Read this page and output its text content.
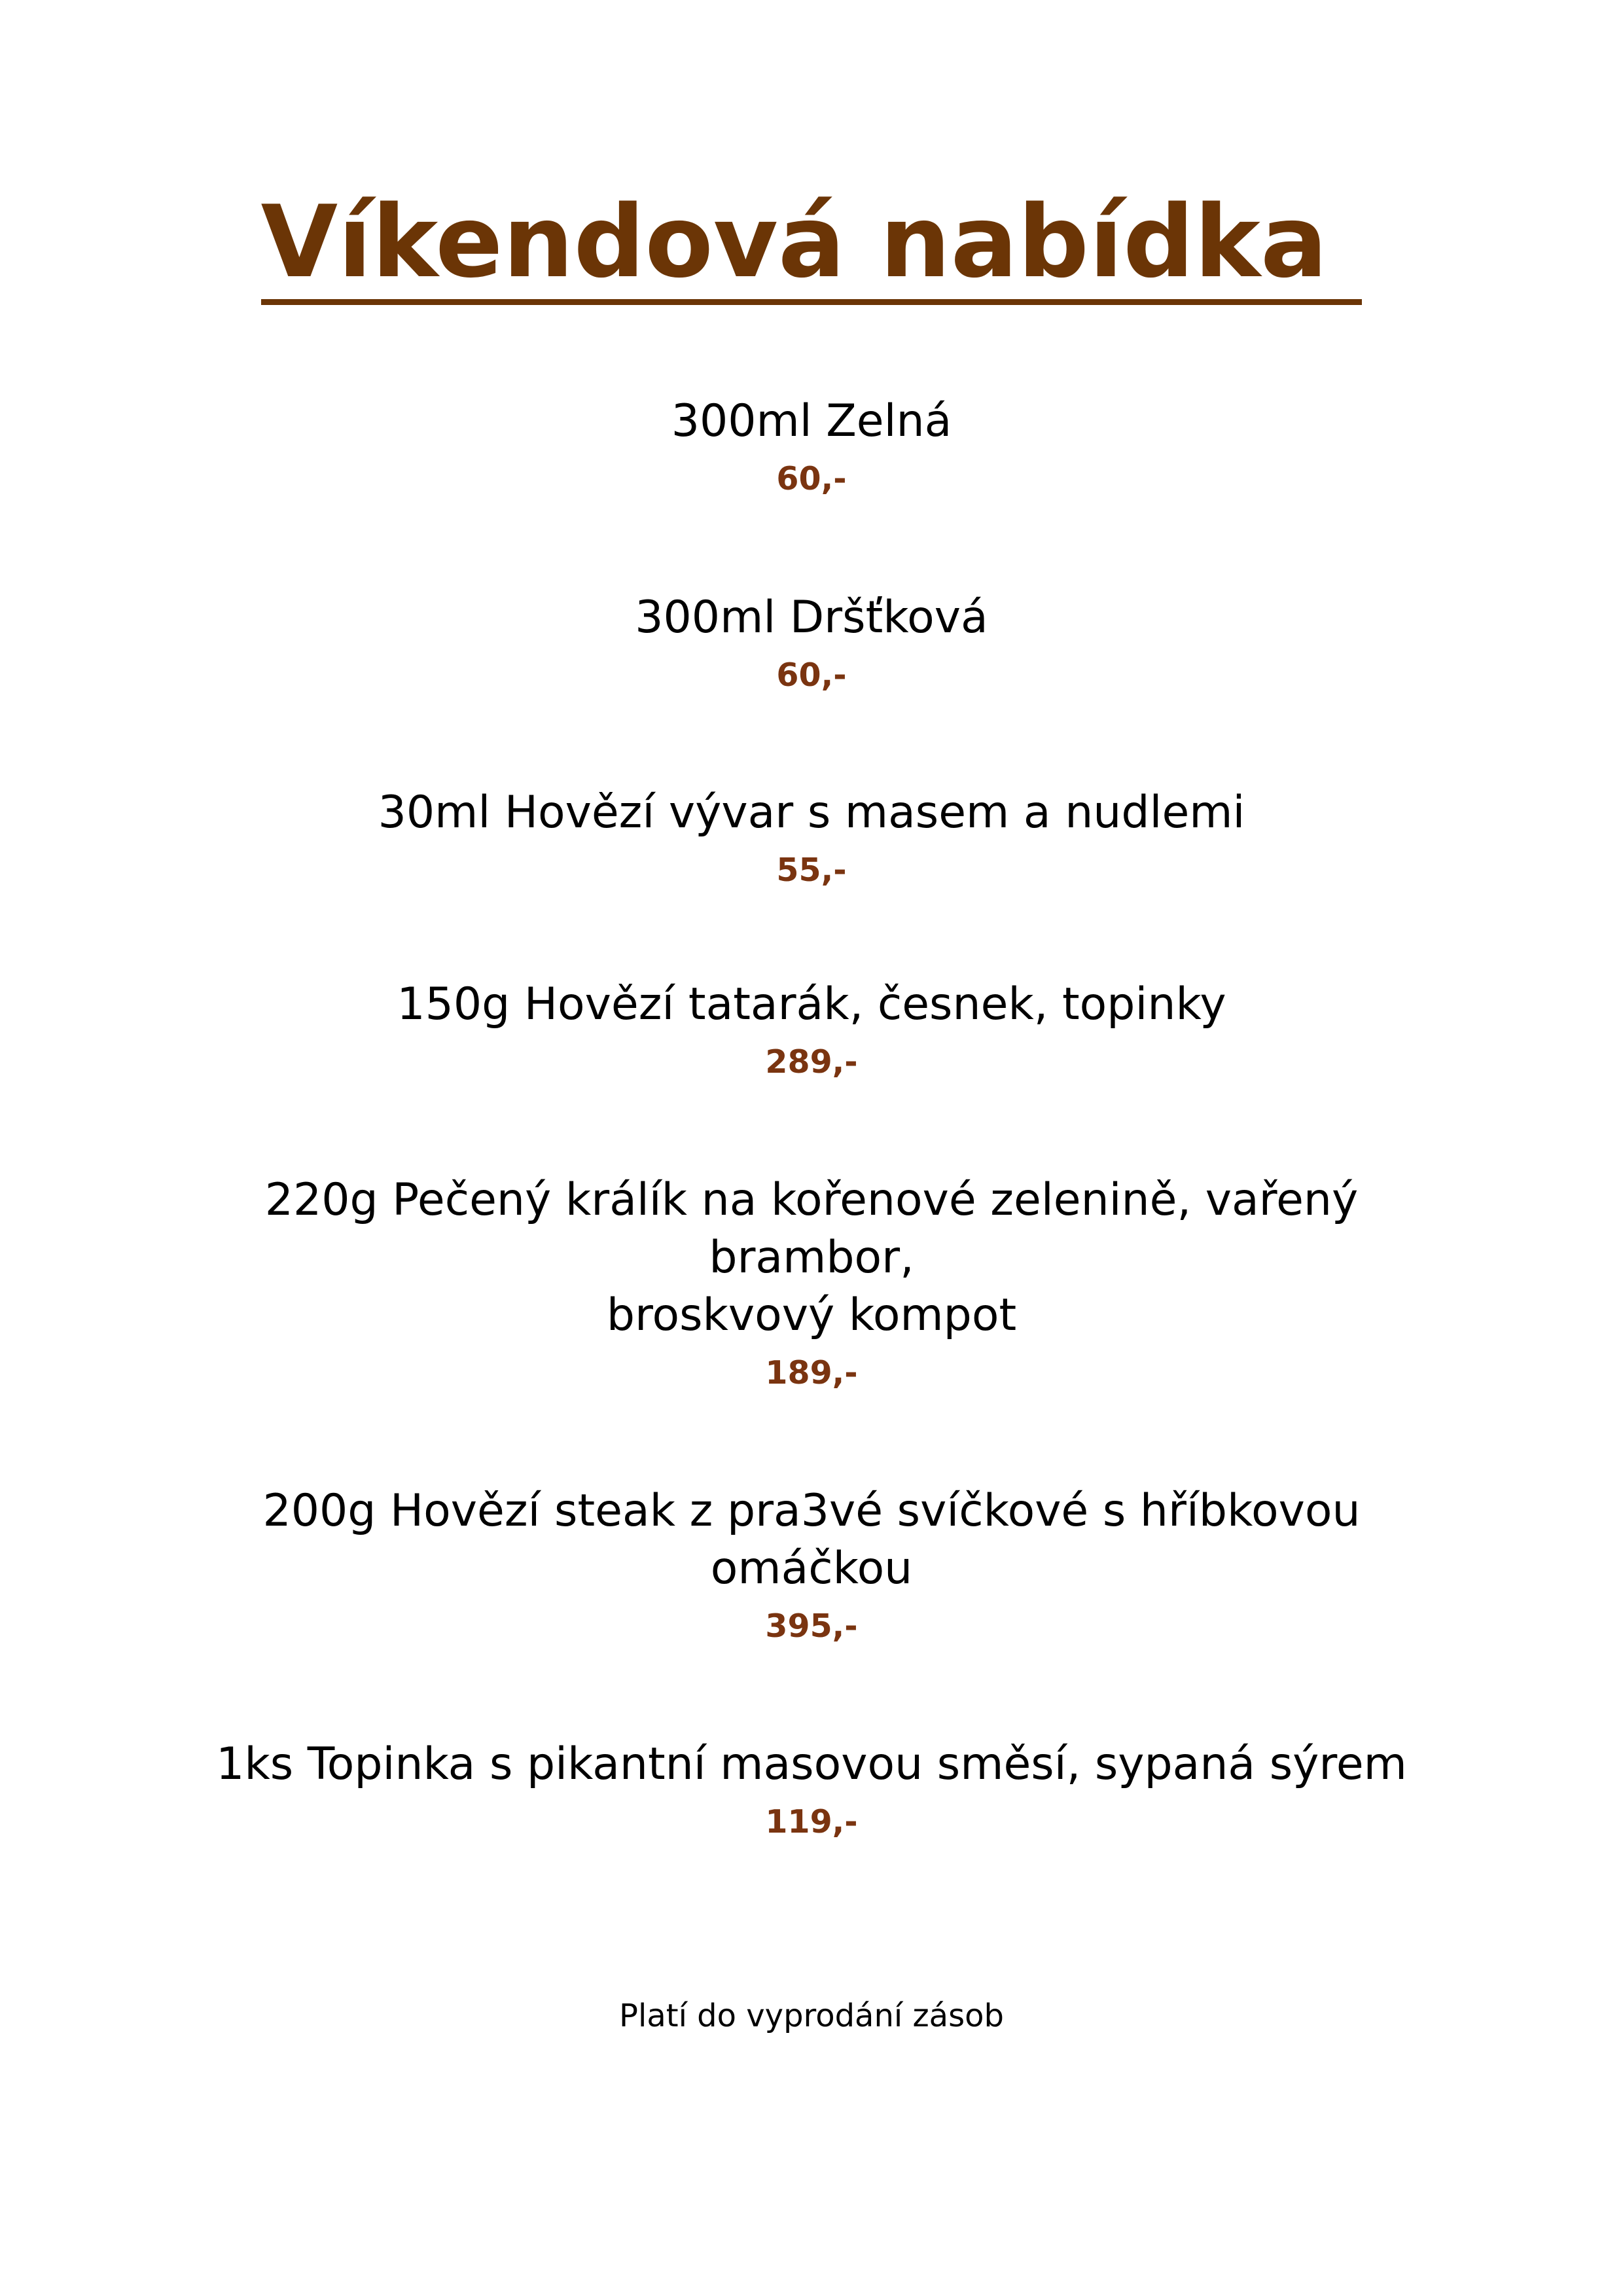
Víkendová nabídka
300ml Zelná
60,-
300ml Dršťková
60,-
30ml Hovězí vývar s masem a nudlemi
55,-
150g Hovězí tatarák, česnek, topinky
289,-
220g Pečený králík na kořenové zelenině, vařený
brambor,
broskvový kompot
189,-
200g Hovězí steak z pra3vé svíčkové s hříbkovou
omáčkou
395,-
1ks Topinka s pikantní masovou směsí, sypaná sýrem
119,-
Platí do vyprodání zásob
